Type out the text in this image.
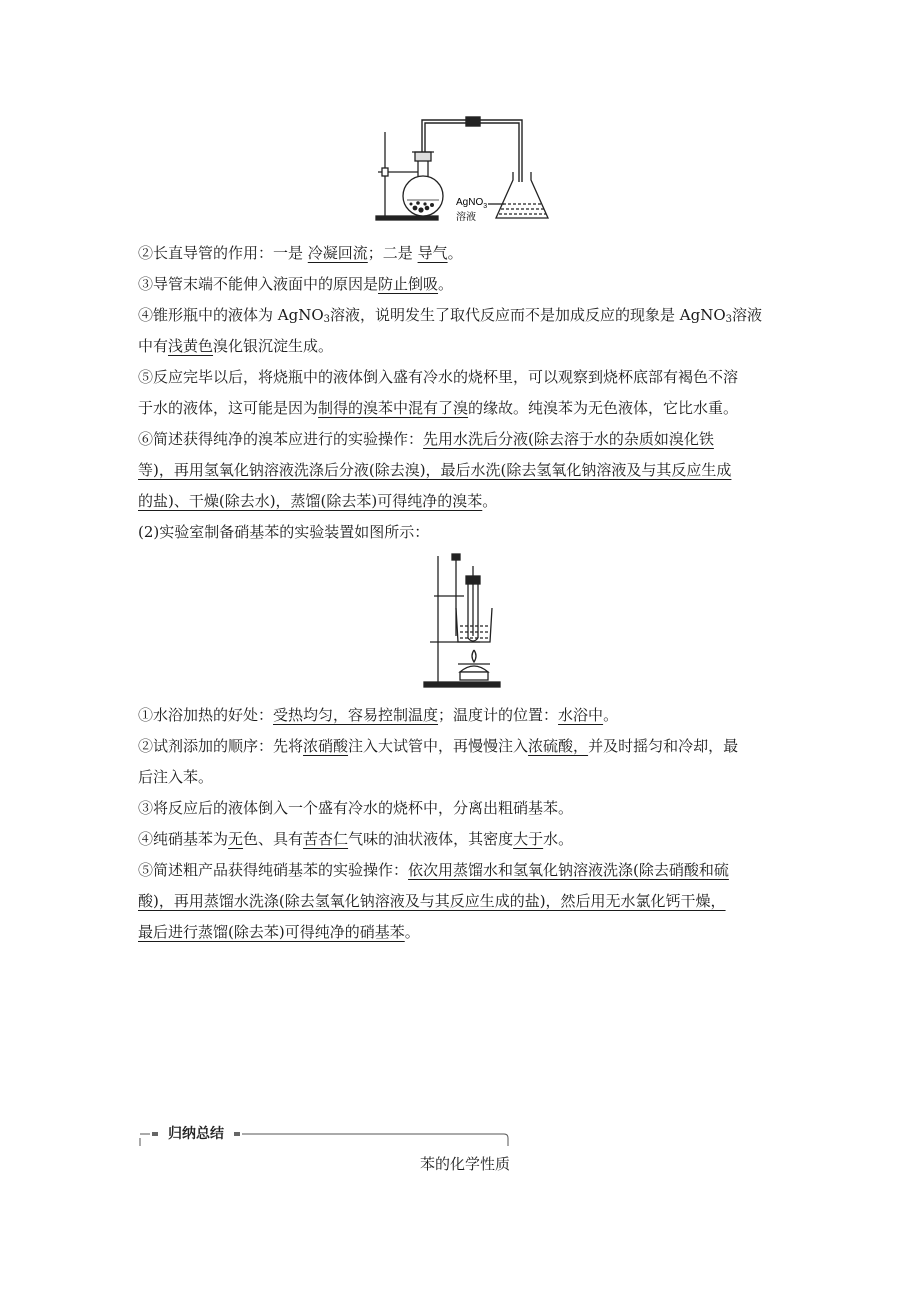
AgNO$_3$
溶液
②长直导管的作用：一是 冷凝回流；二是 导气。
③导管末端不能伸入液面中的原因是防止倒吸。
④锥形瓶中的液体为 AgNO$_3$溶液，说明发生了取代反应而不是加成反应的现象是 AgNO$_3$溶液
中有浅黄色溴化银沉淀生成。
⑤反应完毕以后，将烧瓶中的液体倒入盛有冷水的烧杯里，可以观察到烧杯底部有褐色不溶
于水的液体，这可能是因为制得的溴苯中混有了溴的缘故。纯溴苯为无色液体，它比水重。
⑥简述获得纯净的溴苯应进行的实验操作：先用水洗后分液(除去溶于水的杂质如溴化铁
等)，再用氢氧化钠溶液洗涤后分液(除去溴)，最后水洗(除去氢氧化钠溶液及与其反应生成
的盐)、干燥(除去水)，蒸馏(除去苯)可得纯净的溴苯。
(2)实验室制备硝基苯的实验装置如图所示：
①水浴加热的好处：受热均匀，容易控制温度；温度计的位置：水浴中。
②试剂添加的顺序：先将浓硝酸注入大试管中，再慢慢注入浓硫酸，并及时摇匀和冷却，最
后注入苯。
③将反应后的液体倒入一个盛有冷水的烧杯中，分离出粗硝基苯。
④纯硝基苯为无色、具有苦杏仁气味的油状液体，其密度大于水。
⑤简述粗产品获得纯硝基苯的实验操作：依次用蒸馏水和氢氧化钠溶液洗涤(除去硝酸和硫
酸)，再用蒸馏水洗涤(除去氢氧化钠溶液及与其反应生成的盐)，然后用无水氯化钙干燥，
最后进行蒸馏(除去苯)可得纯净的硝基苯。
归纳总结
苯的化学性质
